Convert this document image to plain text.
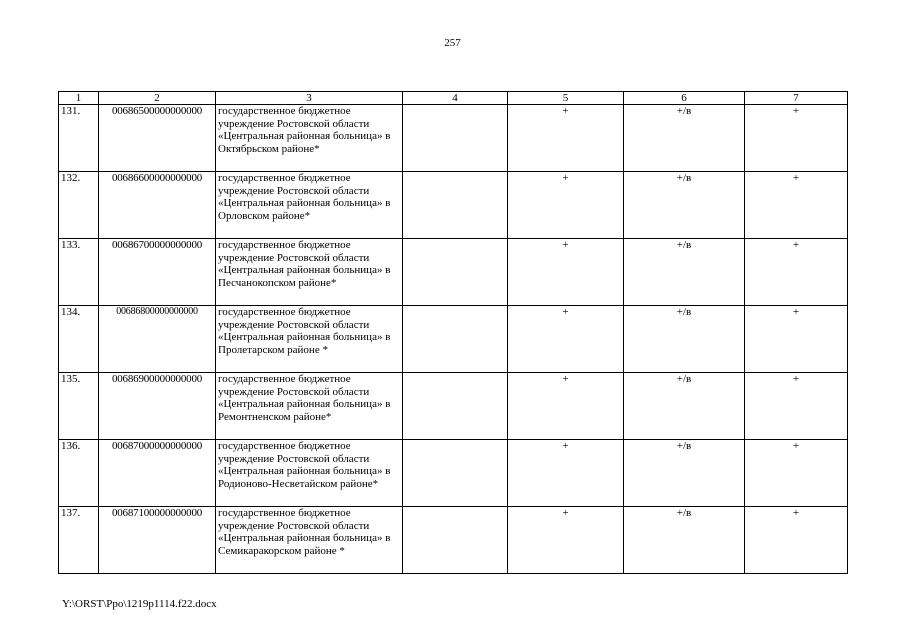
257
1	2	3	4	5	6	7
131.	00686500000000000	государственное бюджетное учреждение Ростовской области «Центральная районная больница» в Октябрьском районе*		+	+/в	+
132.	00686600000000000	государственное бюджетное учреждение Ростовской области «Центральная районная больница» в Орловском районе*		+	+/в	+
133.	00686700000000000	государственное бюджетное учреждение Ростовской области «Центральная районная больница» в Песчанокопском районе*		+	+/в	+
134.	00686800000000000	государственное бюджетное учреждение Ростовской области «Центральная районная больница» в Пролетарском районе *		+	+/в	+
135.	00686900000000000	государственное бюджетное учреждение Ростовской области «Центральная районная больница» в Ремонтненском районе*		+	+/в	+
136.	00687000000000000	государственное бюджетное учреждение Ростовской области «Центральная районная больница» в Родионово-Несветайском районе*		+	+/в	+
137.	00687100000000000	государственное бюджетное учреждение Ростовской области «Центральная районная больница» в Семикаракорском районе *		+	+/в	+
Y:\ORST\Ppo\1219p1114.f22.docx
